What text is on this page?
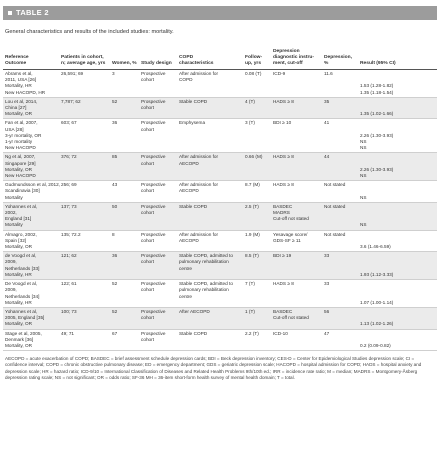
TABLE 2
General characteristics and results of the included studies: mortality.
Reference
Outcome	Patients in cohort,
n; average age, yrs	Women, %	Study design	COPD
characteristics	Follow-
up, yrs	Depression
diagnostic instru-
ment, cut-off	Depression, %	Result (95% CI)

Abrams et al,
2011, USA [26]
Mortality, HR
New HACOPD, HR	26,591; 69	3	Prospective
cohort	After admission for
COPD	0.08 (T)	ICD-9	11.6	1.53 (1.28-1.82)
1.35 (1.18-1.54)

Lou et al, 2014,
China [27]
Mortality, OR	7,787; 62	52	Prospective
cohort	Stable COPD	4 (T)	HADS ≥ 8	35	1.35 (1.02-1.66)

Fan et al, 2007,
USA [28]
3-yr mortality, OR
1-yr mortality
New HACOPD	603; 67	36	Prospective
cohort	Emphysema	3 (T)	BDI ≥ 10	41	2.26 (1.30-3.93)
NS
NS

Ng et al, 2007,
Singapore [29]
Mortality, OR
New HACOPD	376; 72	85	Prospective
cohort	After admission for
AECOPD	0.66 (M)	HADS ≥ 8	44	2.26 (1.30-3.93)
NS

Gudmundsson et al, 2012,
Scandinavia [30]
Mortality	256; 69	43	Prospective
cohort	After admission for
AECOPD	8.7 (M)	HADS ≥ 8	Not stated	NS

Yohannes et al,
2002,
England [31]
Mortality	137; 73	50	Prospective
cohort	Stable COPD	2.5 (T)	BASDEC
MADRS
Cut-off not stated	Not stated	NS

Almagro, 2002,
Spain [32]
Mortality, OR	135; 72.2	8	Prospective
cohort	After admission for
AECOPD	1.9 (M)	Yesavage score/
GDS-SF ≥ 11	Not stated	3.6 (1.46-6.59)

de Voogd et al,
2009,
Netherlands [33]
Mortality, HR	121; 62	36	Prospective
cohort	Stable COPD, admitted to
pulmonary rehabilitation
centre	8.5 (T)	BDI ≥ 19	33	1.93 (1.12-3.33)

De Voogd et al,
2009,
Netherlands [34]
Mortality, HR	122; 61	52	Prospective
cohort	Stable COPD, admitted to
pulmonary rehabilitation
centre	7 (T)	HADS ≥ 8	33	1.07 (1.00-1.14)

Yohannes et al,
2005, England [35]
Mortality, OR	100; 73	52	Prospective
cohort	After AECOPD	1 (T)	BASDEC
Cut-off not stated	56	1.13 (1.02-1.26)

Stage et al, 2005,
Denmark [36]
Mortality, OR	49; 71	67	Prospective
cohort	Stable COPD	2.2 (T)	ICD-10	47	0.2 (0.09-0.82)
AECOPD = acute exacerbation of COPD; BASDEC = brief assessment schedule depression cards; BDI = Beck depression inventory; CES-D = Center for Epidemiological Studies depression scale; CI = confidence interval; COPD = chronic obstructive pulmonary disease; ED = emergency department; GDS = geriatric depression scale; HACOPD = hospital admission for COPD; HADS = hospital anxiety and depression scale; HR = hazard ratio; ICD-9/10 = International Classification of Diseases and Related Health Problems 9th/10th ed.; IRR = incidence rate ratio; M = median; MADRS = Montgomery-Åsberg depression rating scale; NS = not significant; OR = odds ratio; SF-36 MH = 36-item short-form health survey of mental health domain; T = total.
